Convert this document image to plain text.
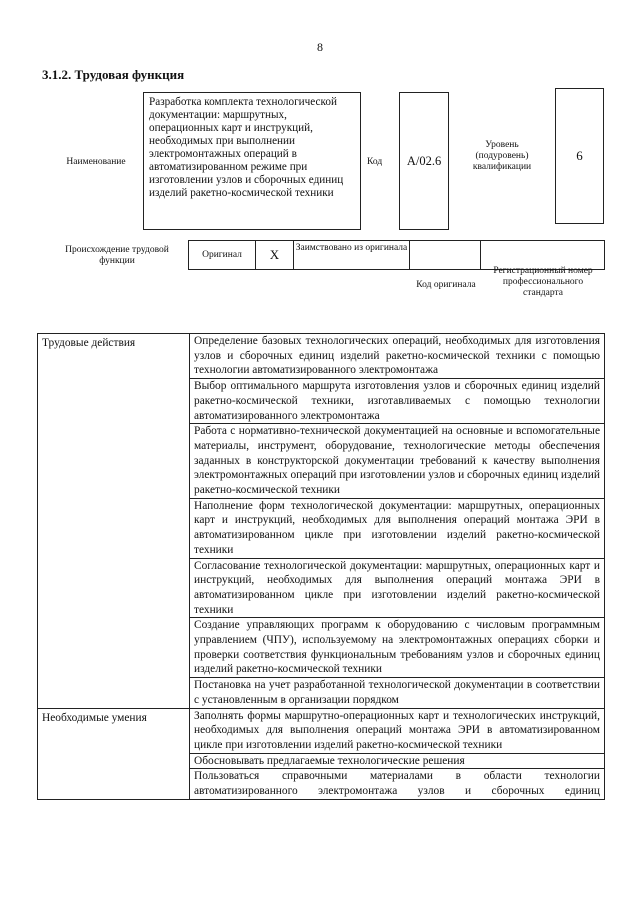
8
3.1.2. Трудовая функция
Наименование
Разработка комплекта технологической документации: маршрутных, операционных карт и инструкций, необходимых при выполнении электромонтажных операций в автоматизированном режиме при изготовлении узлов и сборочных единиц изделий ракетно-космической техники
Код	А/02.6
Уровень (подуровень) квалификации
6
Происхождение трудовой функции
Оригинал	X	Заимствовано из оригинала
Код оригинала
Регистрационный номер профессионального стандарта
Трудовые действия	Определение базовых технологических операций, необходимых для изготовления узлов и сборочных единиц изделий ракетно-космической техники с помощью технологии автоматизированного электромонтажа
	Выбор оптимального маршрута изготовления узлов и сборочных единиц изделий ракетно-космической техники, изготавливаемых с помощью технологии автоматизированного электромонтажа
	Работа с нормативно-технической документацией на основные и вспомогательные материалы, инструмент, оборудование, технологические методы обеспечения заданных в конструкторской документации требований к качеству выполнения электромонтажных операций при изготовлении узлов и сборочных единиц изделий ракетно-космической техники
	Наполнение форм технологической документации: маршрутных, операционных карт и инструкций, необходимых для выполнения операций монтажа ЭРИ в автоматизированном цикле при изготовлении изделий ракетно-космической техники
	Согласование технологической документации: маршрутных, операционных карт и инструкций, необходимых для выполнения операций монтажа ЭРИ в автоматизированном цикле при изготовлении изделий ракетно-космической техники
	Создание управляющих программ к оборудованию с числовым программным управлением (ЧПУ), используемому на электромонтажных операциях сборки и проверки соответствия функциональным требованиям узлов и сборочных единиц изделий ракетно-космической техники
	Постановка на учет разработанной технологической документации в соответствии с установленным в организации порядком
Необходимые умения	Заполнять формы маршрутно-операционных карт и технологических инструкций, необходимых для выполнения операций монтажа ЭРИ в автоматизированном цикле при изготовлении изделий ракетно-космической техники
	Обосновывать предлагаемые технологические решения
	Пользоваться справочными материалами в области технологии автоматизированного электромонтажа узлов и сборочных единиц
